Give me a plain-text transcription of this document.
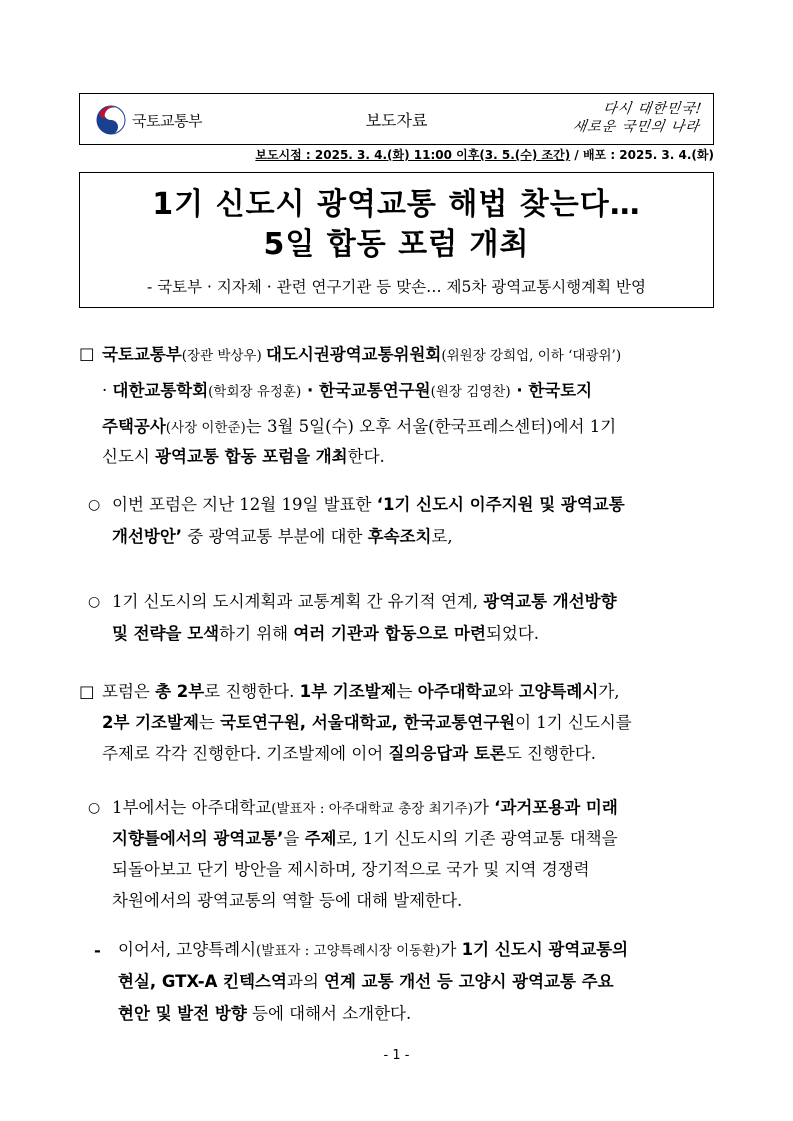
국토교통부	보도자료
다시 대한민국!
새로운 국민의 나라
보도시점 : 2025. 3. 4.(화) 11:00 이후(3. 5.(수) 조간) / 배포 : 2025. 3. 4.(화)
1기 신도시 광역교통 해법 찾는다…
5일 합동 포럼 개최
- 국토부 · 지자체 · 관련 연구기관 등 맞손… 제5차 광역교통시행계획 반영
□ 국토교통부(장관 박상우) 대도시권광역교통위원회(위원장 강희업, 이하 ‘대광위’)
· 대한교통학회(학회장 유정훈) · 한국교통연구원(원장 김영찬) · 한국토지
주택공사(사장 이한준)는 3월 5일(수) 오후 서울(한국프레스센터)에서 1기
신도시 광역교통 합동 포럼을 개최한다.
○ 이번 포럼은 지난 12월 19일 발표한 ‘1기 신도시 이주지원 및 광역교통
개선방안’ 중 광역교통 부분에 대한 후속조치로,
○ 1기 신도시의 도시계획과 교통계획 간 유기적 연계, 광역교통 개선방향
및 전략을 모색하기 위해 여러 기관과 합동으로 마련되었다.
□ 포럼은 총 2부로 진행한다. 1부 기조발제는 아주대학교와 고양특례시가,
2부 기조발제는 국토연구원, 서울대학교, 한국교통연구원이 1기 신도시를
주제로 각각 진행한다. 기조발제에 이어 질의응답과 토론도 진행한다.
○ 1부에서는 아주대학교(발표자 : 아주대학교 총장 최기주)가 ‘과거포용과 미래
지향틀에서의 광역교통’을 주제로, 1기 신도시의 기존 광역교통 대책을
되돌아보고 단기 방안을 제시하며, 장기적으로 국가 및 지역 경쟁력
차원에서의 광역교통의 역할 등에 대해 발제한다.
- 이어서, 고양특례시(발표자 : 고양특례시장 이동환)가 1기 신도시 광역교통의
현실, GTX-A 킨텍스역과의 연계 교통 개선 등 고양시 광역교통 주요
현안 및 발전 방향 등에 대해서 소개한다.
- 1 -
